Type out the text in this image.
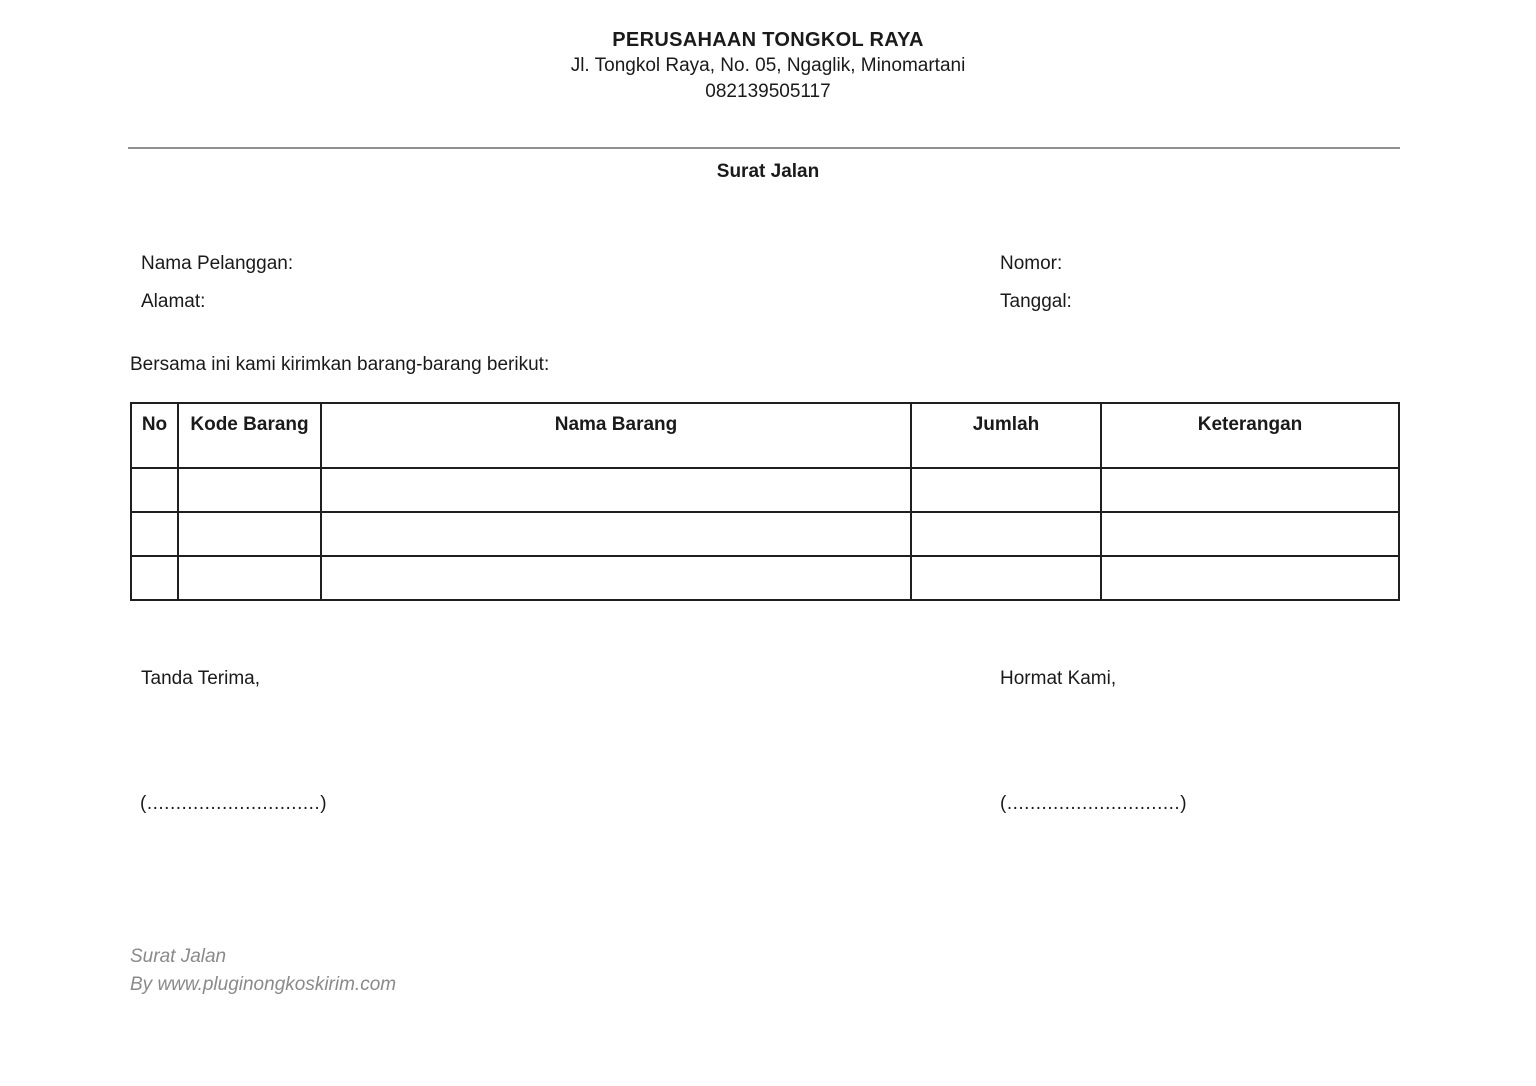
PERUSAHAAN TONGKOL RAYA
Jl. Tongkol Raya, No. 05, Ngaglik, Minomartani
082139505117
Surat Jalan
Nama Pelanggan:	Nomor:
Alamat:	Tanggal:
Bersama ini kami kirimkan barang-barang berikut:
No	Kode Barang	Nama Barang	Jumlah	Keterangan

Tanda Terima,	Hormat Kami,
(..............................)	(..............................)
Surat Jalan
By www.pluginongkoskirim.com
